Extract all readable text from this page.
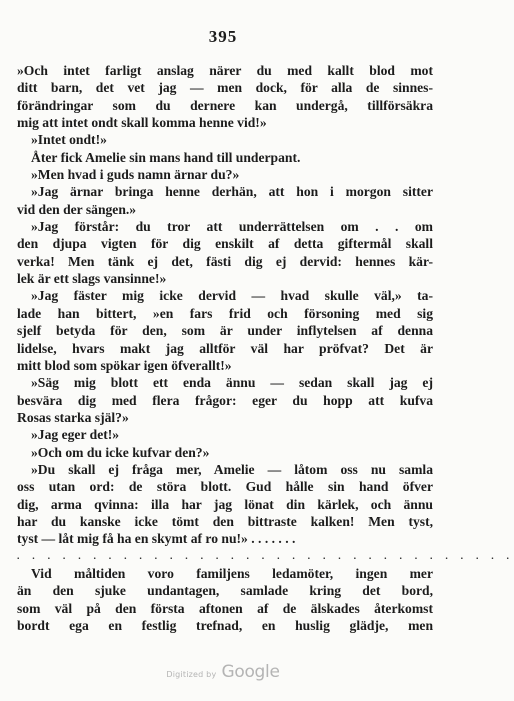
395
»Och intet farligt anslag närer du med kallt blod mot
ditt barn, det vet jag — men dock, för alla de sinnes-
förändringar som du dernere kan undergå, tillförsäkra
mig att intet ondt skall komma henne vid!»
»Intet ondt!»
Åter fick Amelie sin mans hand till underpant.
»Men hvad i guds namn ärnar du?»
»Jag ärnar bringa henne derhän, att hon i morgon sitter
vid den der sängen.»
»Jag förstår: du tror att underrättelsen om . . om
den djupa vigten för dig enskilt af detta giftermål skall
verka! Men tänk ej det, fästi dig ej dervid: hennes kär-
lek är ett slags vansinne!»
»Jag fäster mig icke dervid — hvad skulle väl,» ta-
lade han bittert, »en fars frid och försoning med sig
sjelf betyda för den, som är under inflytelsen af denna
lidelse, hvars makt jag alltför väl har pröfvat? Det är
mitt blod som spökar igen öfverallt!»
»Säg mig blott ett enda ännu — sedan skall jag ej
besvära dig med flera frågor: eger du hopp att kufva
Rosas starka själ?»
»Jag eger det!»
»Och om du icke kufvar den?»
»Du skall ej fråga mer, Amelie — låtom oss nu samla
oss utan ord: de störa blott. Gud hålle sin hand öfver
dig, arma qvinna: illa har jag lönat din kärlek, och ännu
har du kanske icke tömt den bittraste kalken! Men tyst,
tyst — låt mig få ha en skymt af ro nu!» . . . . . . .
. . . . . . . . . . . . . . . . . . . . . . . . . . . . . . . . .
Vid måltiden voro familjens ledamöter, ingen mer
än den sjuke undantagen, samlade kring det bord,
som väl på den första aftonen af de älskades återkomst
bordt ega en festlig trefnad, en huslig glädje, men
Digitized by Google
